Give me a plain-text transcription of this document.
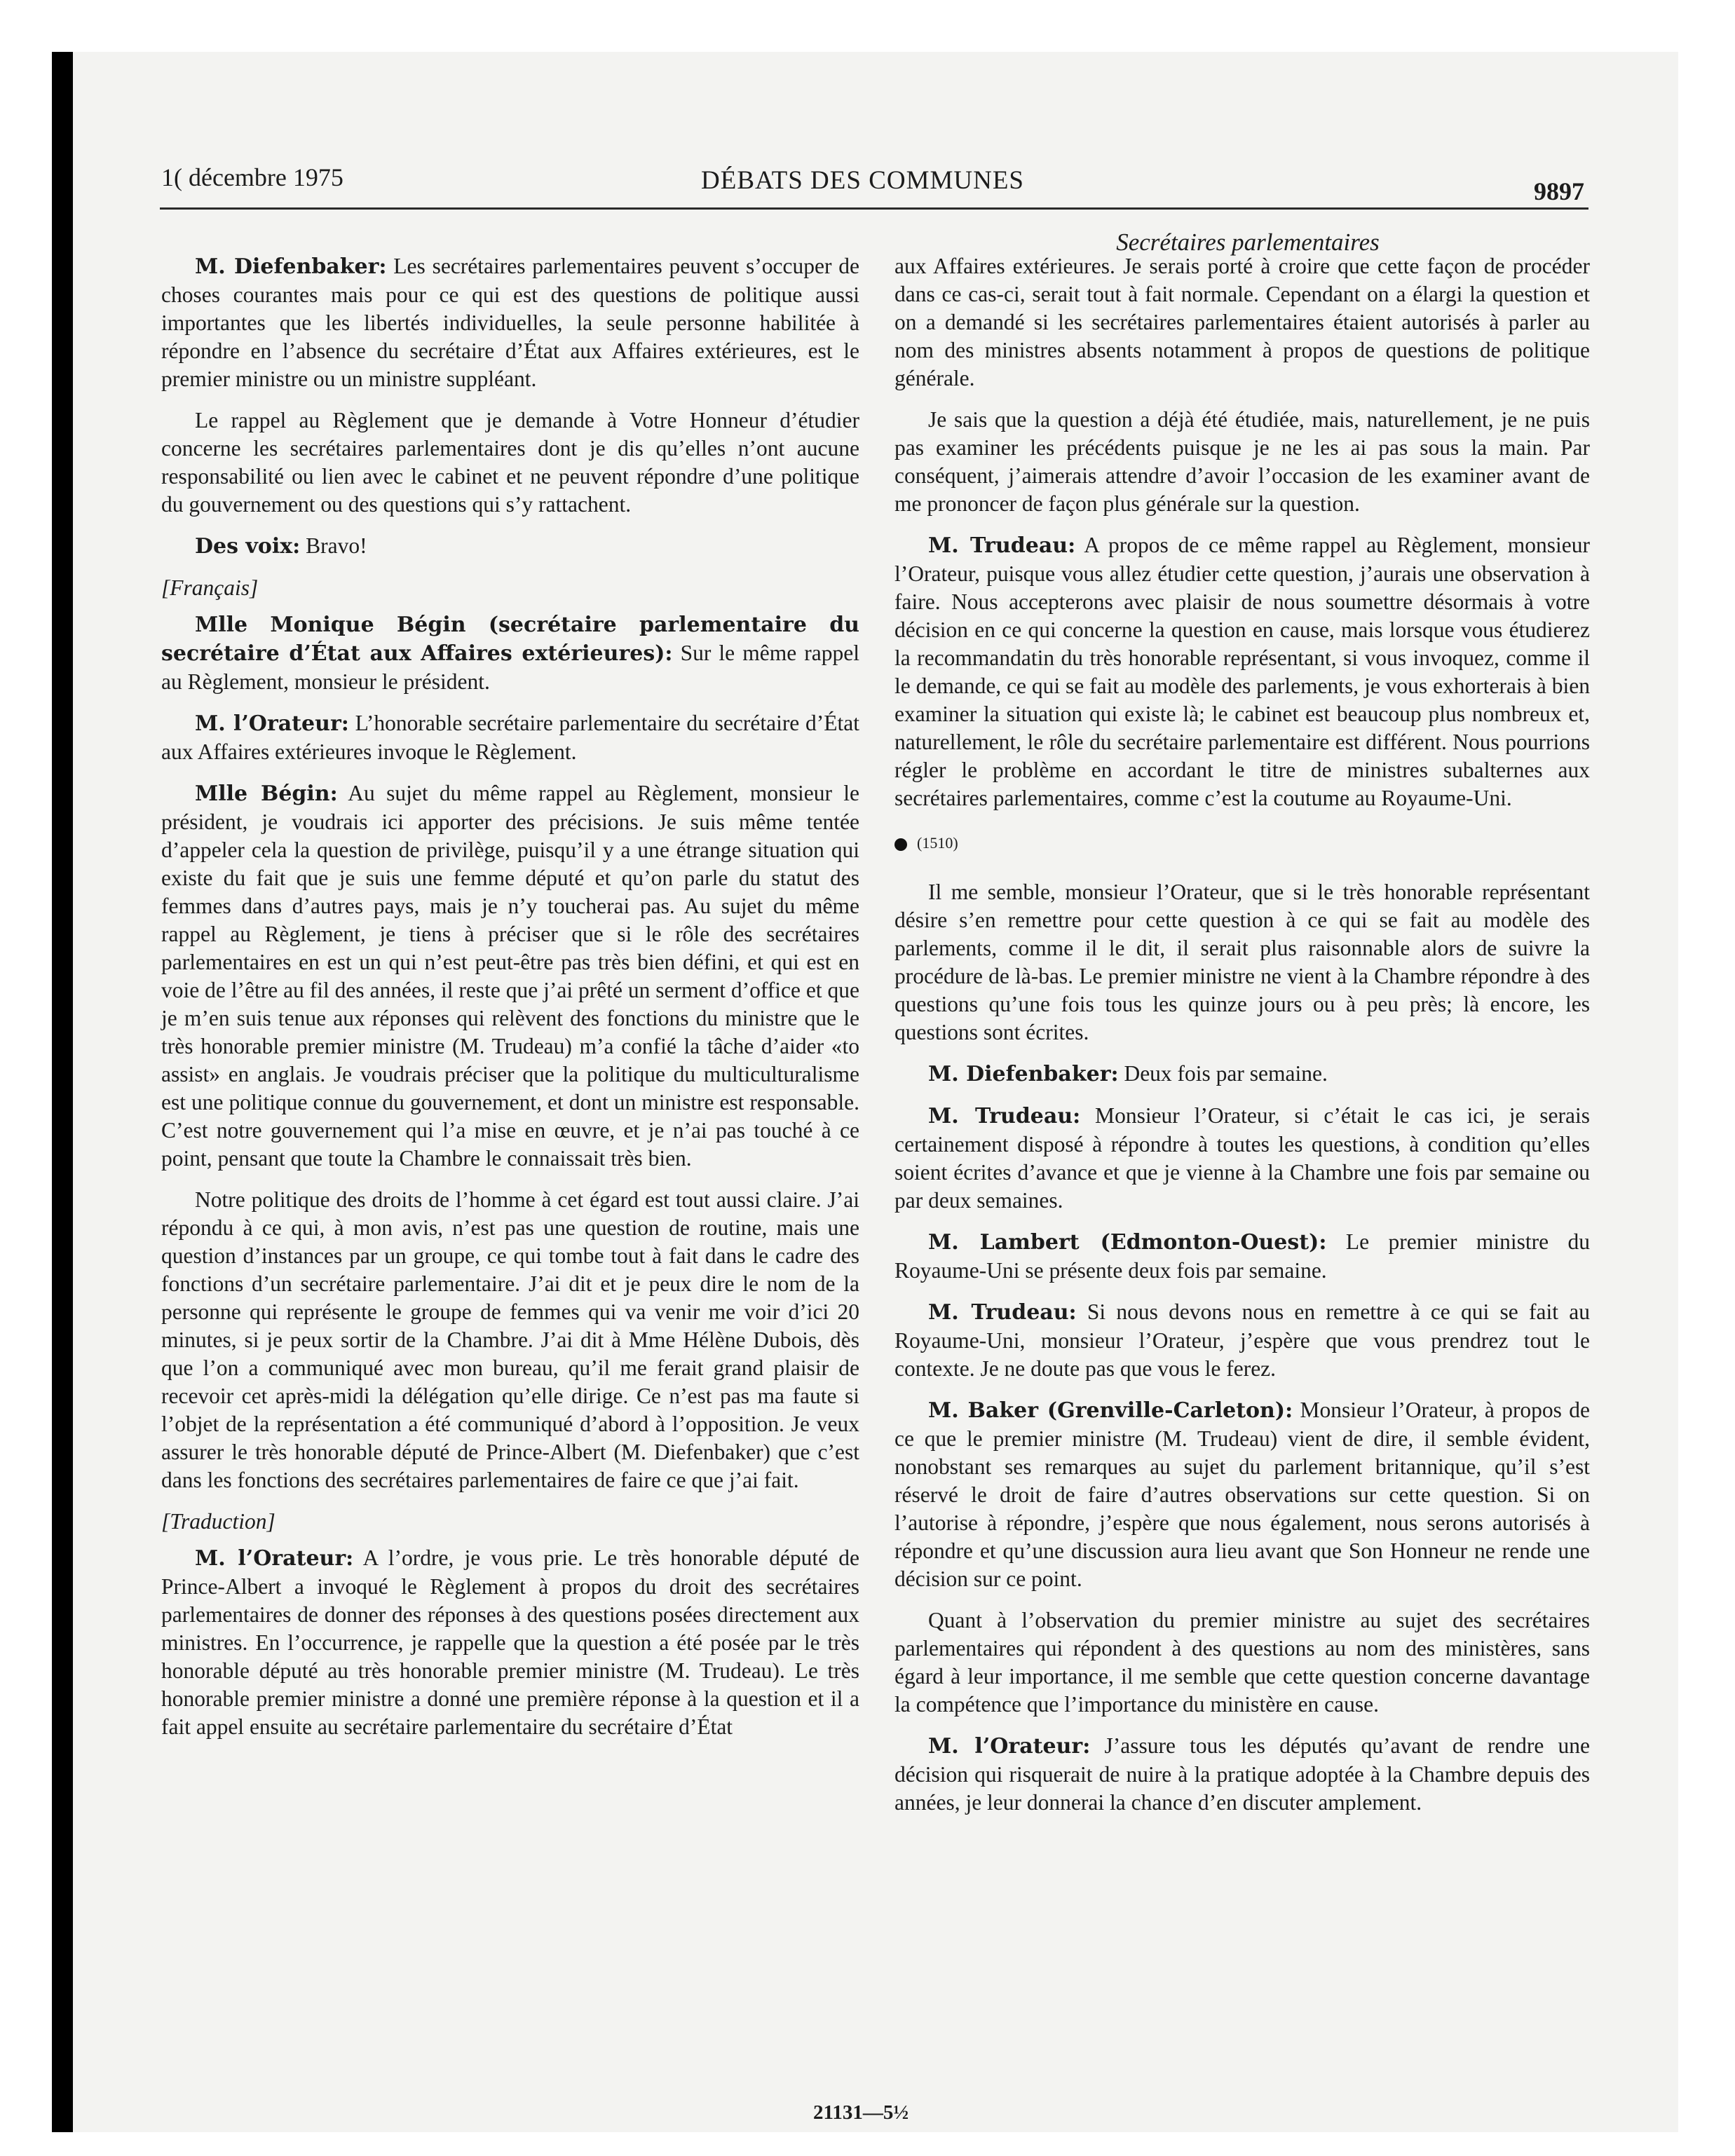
1( décembre 1975	DÉBATS DES COMMUNES	9897
Secrétaires parlementaires

M. Diefenbaker: Les secrétaires parlementaires peuvent s’occuper de choses courantes mais pour ce qui est des questions de politique aussi importantes que les libertés individuelles, la seule personne habilitée à répondre en l’absence du secrétaire d’État aux Affaires extérieures, est le premier ministre ou un ministre suppléant.

Le rappel au Règlement que je demande à Votre Honneur d’étudier concerne les secrétaires parlementaires dont je dis qu’elles n’ont aucune responsabilité ou lien avec le cabinet et ne peuvent répondre d’une politique du gouvernement ou des questions qui s’y rattachent.

Des voix: Bravo!

[Français]

Mlle Monique Bégin (secrétaire parlementaire du secrétaire d’État aux Affaires extérieures): Sur le même rappel au Règlement, monsieur le président.

M. l’Orateur: L’honorable secrétaire parlementaire du secrétaire d’État aux Affaires extérieures invoque le Règlement.

Mlle Bégin: Au sujet du même rappel au Règlement, monsieur le président, je voudrais ici apporter des précisions. Je suis même tentée d’appeler cela la question de privilège, puisqu’il y a une étrange situation qui existe du fait que je suis une femme député et qu’on parle du statut des femmes dans d’autres pays, mais je n’y toucherai pas. Au sujet du même rappel au Règlement, je tiens à préciser que si le rôle des secrétaires parlementaires en est un qui n’est peut-être pas très bien défini, et qui est en voie de l’être au fil des années, il reste que j’ai prêté un serment d’office et que je m’en suis tenue aux réponses qui relèvent des fonctions du ministre que le très honorable premier ministre (M. Trudeau) m’a confié la tâche d’aider «to assist» en anglais. Je voudrais préciser que la politique du multiculturalisme est une politique connue du gouvernement, et dont un ministre est responsable. C’est notre gouvernement qui l’a mise en œuvre, et je n’ai pas touché à ce point, pensant que toute la Chambre le connaissait très bien.

Notre politique des droits de l’homme à cet égard est tout aussi claire. J’ai répondu à ce qui, à mon avis, n’est pas une question de routine, mais une question d’instances par un groupe, ce qui tombe tout à fait dans le cadre des fonctions d’un secrétaire parlementaire. J’ai dit et je peux dire le nom de la personne qui représente le groupe de femmes qui va venir me voir d’ici 20 minutes, si je peux sortir de la Chambre. J’ai dit à Mme Hélène Dubois, dès que l’on a communiqué avec mon bureau, qu’il me ferait grand plaisir de recevoir cet après-midi la délégation qu’elle dirige. Ce n’est pas ma faute si l’objet de la représentation a été communiqué d’abord à l’opposition. Je veux assurer le très honorable député de Prince-Albert (M. Diefenbaker) que c’est dans les fonctions des secrétaires parlementaires de faire ce que j’ai fait.

[Traduction]

M. l’Orateur: A l’ordre, je vous prie. Le très honorable député de Prince-Albert a invoqué le Règlement à propos du droit des secrétaires parlementaires de donner des réponses à des questions posées directement aux ministres. En l’occurrence, je rappelle que la question a été posée par le très honorable député au très honorable premier ministre (M. Trudeau). Le très honorable premier ministre a donné une première réponse à la question et il a fait appel ensuite au secrétaire parlementaire du secrétaire d’État

aux Affaires extérieures. Je serais porté à croire que cette façon de procéder dans ce cas-ci, serait tout à fait normale. Cependant on a élargi la question et on a demandé si les secrétaires parlementaires étaient autorisés à parler au nom des ministres absents notamment à propos de questions de politique générale.

Je sais que la question a déjà été étudiée, mais, naturellement, je ne puis pas examiner les précédents puisque je ne les ai pas sous la main. Par conséquent, j’aimerais attendre d’avoir l’occasion de les examiner avant de me prononcer de façon plus générale sur la question.

M. Trudeau: A propos de ce même rappel au Règlement, monsieur l’Orateur, puisque vous allez étudier cette question, j’aurais une observation à faire. Nous accepterons avec plaisir de nous soumettre désormais à votre décision en ce qui concerne la question en cause, mais lorsque vous étudierez la recommandatin du très honorable représentant, si vous invoquez, comme il le demande, ce qui se fait au modèle des parlements, je vous exhorterais à bien examiner la situation qui existe là; le cabinet est beaucoup plus nombreux et, naturellement, le rôle du secrétaire parlementaire est différent. Nous pourrions régler le problème en accordant le titre de ministres subalternes aux secrétaires parlementaires, comme c’est la coutume au Royaume-Uni.

(1510)

Il me semble, monsieur l’Orateur, que si le très honorable représentant désire s’en remettre pour cette question à ce qui se fait au modèle des parlements, comme il le dit, il serait plus raisonnable alors de suivre la procédure de là-bas. Le premier ministre ne vient à la Chambre répondre à des questions qu’une fois tous les quinze jours ou à peu près; là encore, les questions sont écrites.

M. Diefenbaker: Deux fois par semaine.

M. Trudeau: Monsieur l’Orateur, si c’était le cas ici, je serais certainement disposé à répondre à toutes les questions, à condition qu’elles soient écrites d’avance et que je vienne à la Chambre une fois par semaine ou par deux semaines.

M. Lambert (Edmonton-Ouest): Le premier ministre du Royaume-Uni se présente deux fois par semaine.

M. Trudeau: Si nous devons nous en remettre à ce qui se fait au Royaume-Uni, monsieur l’Orateur, j’espère que vous prendrez tout le contexte. Je ne doute pas que vous le ferez.

M. Baker (Grenville-Carleton): Monsieur l’Orateur, à propos de ce que le premier ministre (M. Trudeau) vient de dire, il semble évident, nonobstant ses remarques au sujet du parlement britannique, qu’il s’est réservé le droit de faire d’autres observations sur cette question. Si on l’autorise à répondre, j’espère que nous également, nous serons autorisés à répondre et qu’une discussion aura lieu avant que Son Honneur ne rende une décision sur ce point.

Quant à l’observation du premier ministre au sujet des secrétaires parlementaires qui répondent à des questions au nom des ministères, sans égard à leur importance, il me semble que cette question concerne davantage la compétence que l’importance du ministère en cause.

M. l’Orateur: J’assure tous les députés qu’avant de rendre une décision qui risquerait de nuire à la pratique adoptée à la Chambre depuis des années, je leur donnerai la chance d’en discuter amplement.

21131—5½
